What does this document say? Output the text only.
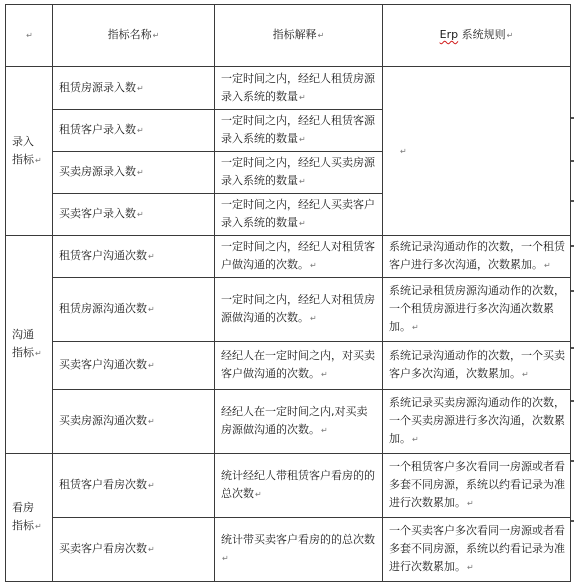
↵	指标名称↵	指标解释↵	Erp 系统规则↵
录入
指标↵	租赁房源录入数↵	一定时间之内，经纪人租赁房源录入系统的数量↵	↵
	租赁客户录入数↵	一定时间之内，经纪人租赁客源录入系统的数量↵	
	买卖房源录入数↵	一定时间之内，经纪人买卖房源录入系统的数量↵	
	买卖客户录入数↵	一定时间之内，经纪人买卖客户录入系统的数量↵	
沟通
指标↵	租赁客户沟通次数↵	一定时间之内，经纪人对租赁客户做沟通的次数。↵	系统记录沟通动作的次数，一个租赁客户进行多次沟通，次数累加。↵
	租赁房源沟通次数↵	一定时间之内，经纪人对租赁房源做沟通的次数。↵	系统记录租赁房源沟通动作的次数，一个租赁房源进行多次沟通次数累加。↵
	买卖客户沟通次数↵	经纪人在一定时间之内，对买卖客户做沟通的次数。↵	系统记录沟通动作的次数，一个买卖客户多次沟通，次数累加。↵
	买卖房源沟通次数↵	经纪人在一定时间之内,对买卖房源做沟通的次数。↵	系统记录买卖房源沟通动作的次数，一个买卖房源进行多次沟通，次数累加。↵
看房
指标↵	租赁客户看房次数↵	统计经纪人带租赁客户看房的的总次数↵	一个租赁客户多次看同一房源或者看多套不同房源，系统以约看记录为准进行次数累加。↵
	买卖客户看房次数↵	统计带买卖客户看房的的总次数↵	一个买卖客户多次看同一房源或者看多套不同房源，系统以约看记录为准进行次数累加。↵
